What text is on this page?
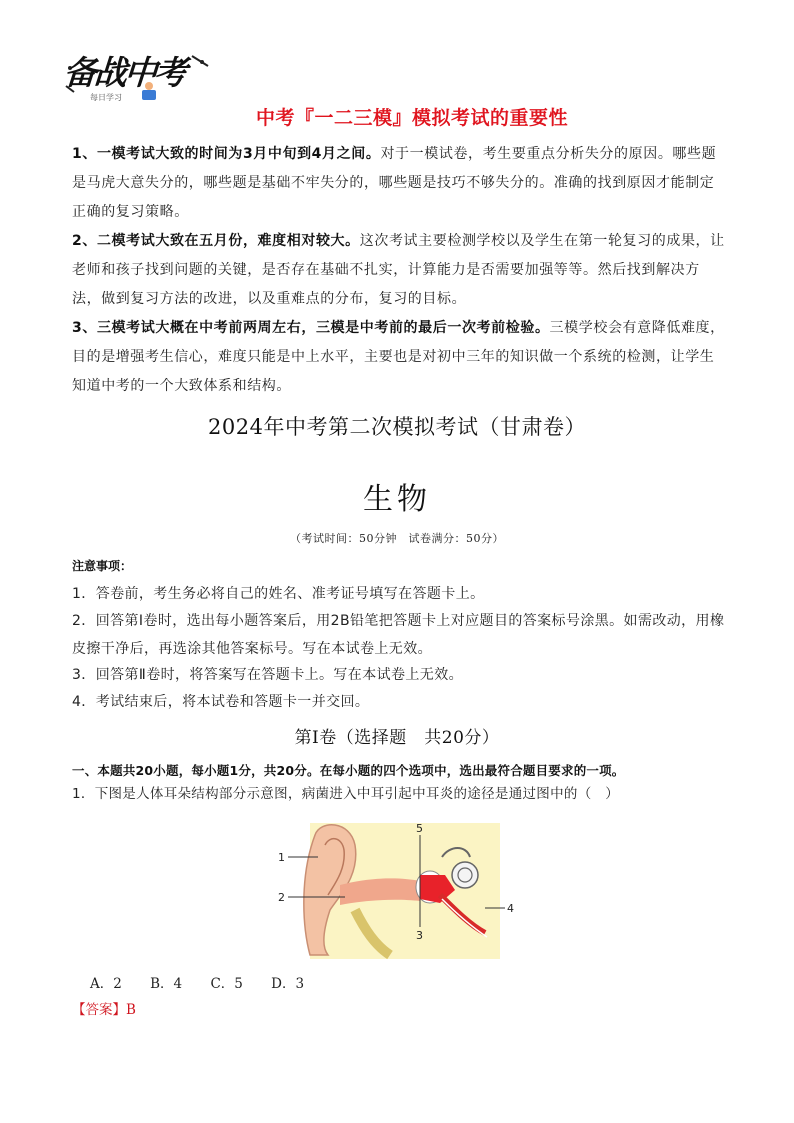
备战中考
每日学习
中考『一二三模』模拟考试的重要性
1、一模考试大致的时间为3月中旬到4月之间。对于一模试卷，考生要重点分析失分的原因。哪些题是马虎大意失分的，哪些题是基础不牢失分的，哪些题是技巧不够失分的。准确的找到原因才能制定正确的复习策略。
2、二模考试大致在五月份，难度相对较大。这次考试主要检测学校以及学生在第一轮复习的成果，让老师和孩子找到问题的关键，是否存在基础不扎实，计算能力是否需要加强等等。然后找到解决方法，做到复习方法的改进，以及重难点的分布，复习的目标。
3、三模考试大概在中考前两周左右，三模是中考前的最后一次考前检验。三模学校会有意降低难度，目的是增强考生信心，难度只能是中上水平，主要也是对初中三年的知识做一个系统的检测，让学生知道中考的一个大致体系和结构。
2024年中考第二次模拟考试（甘肃卷）
生物
（考试时间：50分钟　试卷满分：50分）
注意事项：
1．答卷前，考生务必将自己的姓名、准考证号填写在答题卡上。
2．回答第Ⅰ卷时，选出每小题答案后，用2B铅笔把答题卡上对应题目的答案标号涂黑。如需改动，用橡皮擦干净后，再选涂其他答案标号。写在本试卷上无效。
3．回答第Ⅱ卷时，将答案写在答题卡上。写在本试卷上无效。
4．考试结束后，将本试卷和答题卡一并交回。
第Ⅰ卷（选择题　共20分）
一、本题共20小题，每小题1分，共20分。在每小题的四个选项中，选出最符合题目要求的一项。
1．下图是人体耳朵结构部分示意图，病菌进入中耳引起中耳炎的途径是通过图中的（　）
1
2
3
4
5
A．2 B．4 C．5 D．3
【答案】B
